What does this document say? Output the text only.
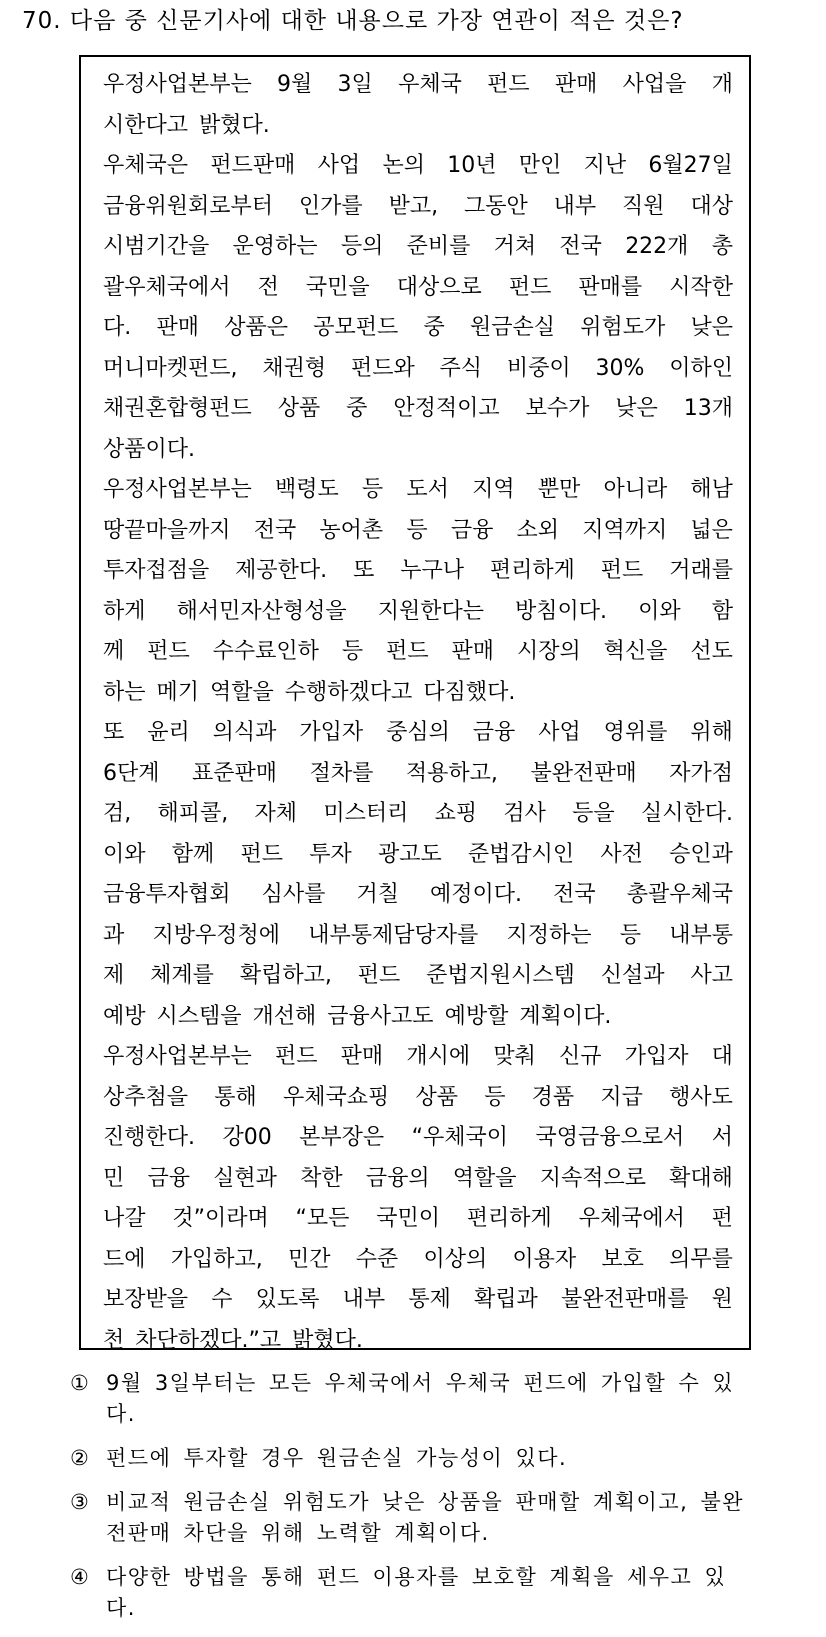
70. 다음 중 신문기사에 대한 내용으로 가장 연관이 적은 것은?
우정사업본부는 9월 3일 우체국 펀드 판매 사업을 개
시한다고 밝혔다.
우체국은 펀드판매 사업 논의 10년 만인 지난 6월27일
금융위원회로부터 인가를 받고, 그동안 내부 직원 대상
시범기간을 운영하는 등의 준비를 거쳐 전국 222개 총
괄우체국에서 전 국민을 대상으로 펀드 판매를 시작한
다. 판매 상품은 공모펀드 중 원금손실 위험도가 낮은
머니마켓펀드, 채권형 펀드와 주식 비중이 30% 이하인
채권혼합형펀드 상품 중 안정적이고 보수가 낮은 13개
상품이다.
우정사업본부는 백령도 등 도서 지역 뿐만 아니라 해남
땅끝마을까지 전국 농어촌 등 금융 소외 지역까지 넓은
투자접점을 제공한다. 또 누구나 편리하게 펀드 거래를
하게 해서민자산형성을 지원한다는 방침이다. 이와 함
께 펀드 수수료인하 등 펀드 판매 시장의 혁신을 선도
하는 메기 역할을 수행하겠다고 다짐했다.
또 윤리 의식과 가입자 중심의 금융 사업 영위를 위해
6단계 표준판매 절차를 적용하고, 불완전판매 자가점
검, 해피콜, 자체 미스터리 쇼핑 검사 등을 실시한다.
이와 함께 펀드 투자 광고도 준법감시인 사전 승인과
금융투자협회 심사를 거칠 예정이다. 전국 총괄우체국
과 지방우정청에 내부통제담당자를 지정하는 등 내부통
제 체계를 확립하고, 펀드 준법지원시스템 신설과 사고
예방 시스템을 개선해 금융사고도 예방할 계획이다.
우정사업본부는 펀드 판매 개시에 맞춰 신규 가입자 대
상추첨을 통해 우체국쇼핑 상품 등 경품 지급 행사도
진행한다. 강00 본부장은 “우체국이 국영금융으로서 서
민 금융 실현과 착한 금융의 역할을 지속적으로 확대해
나갈 것”이라며 “모든 국민이 편리하게 우체국에서 펀
드에 가입하고, 민간 수준 이상의 이용자 보호 의무를
보장받을 수 있도록 내부 통제 확립과 불완전판매를 원
천 차단하겠다.”고 밝혔다.
① 9월 3일부터는 모든 우체국에서 우체국 펀드에 가입할 수 있다.
② 펀드에 투자할 경우 원금손실 가능성이 있다.
③ 비교적 원금손실 위험도가 낮은 상품을 판매할 계획이고, 불완전판매 차단을 위해 노력할 계획이다.
④ 다양한 방법을 통해 펀드 이용자를 보호할 계획을 세우고 있다.
